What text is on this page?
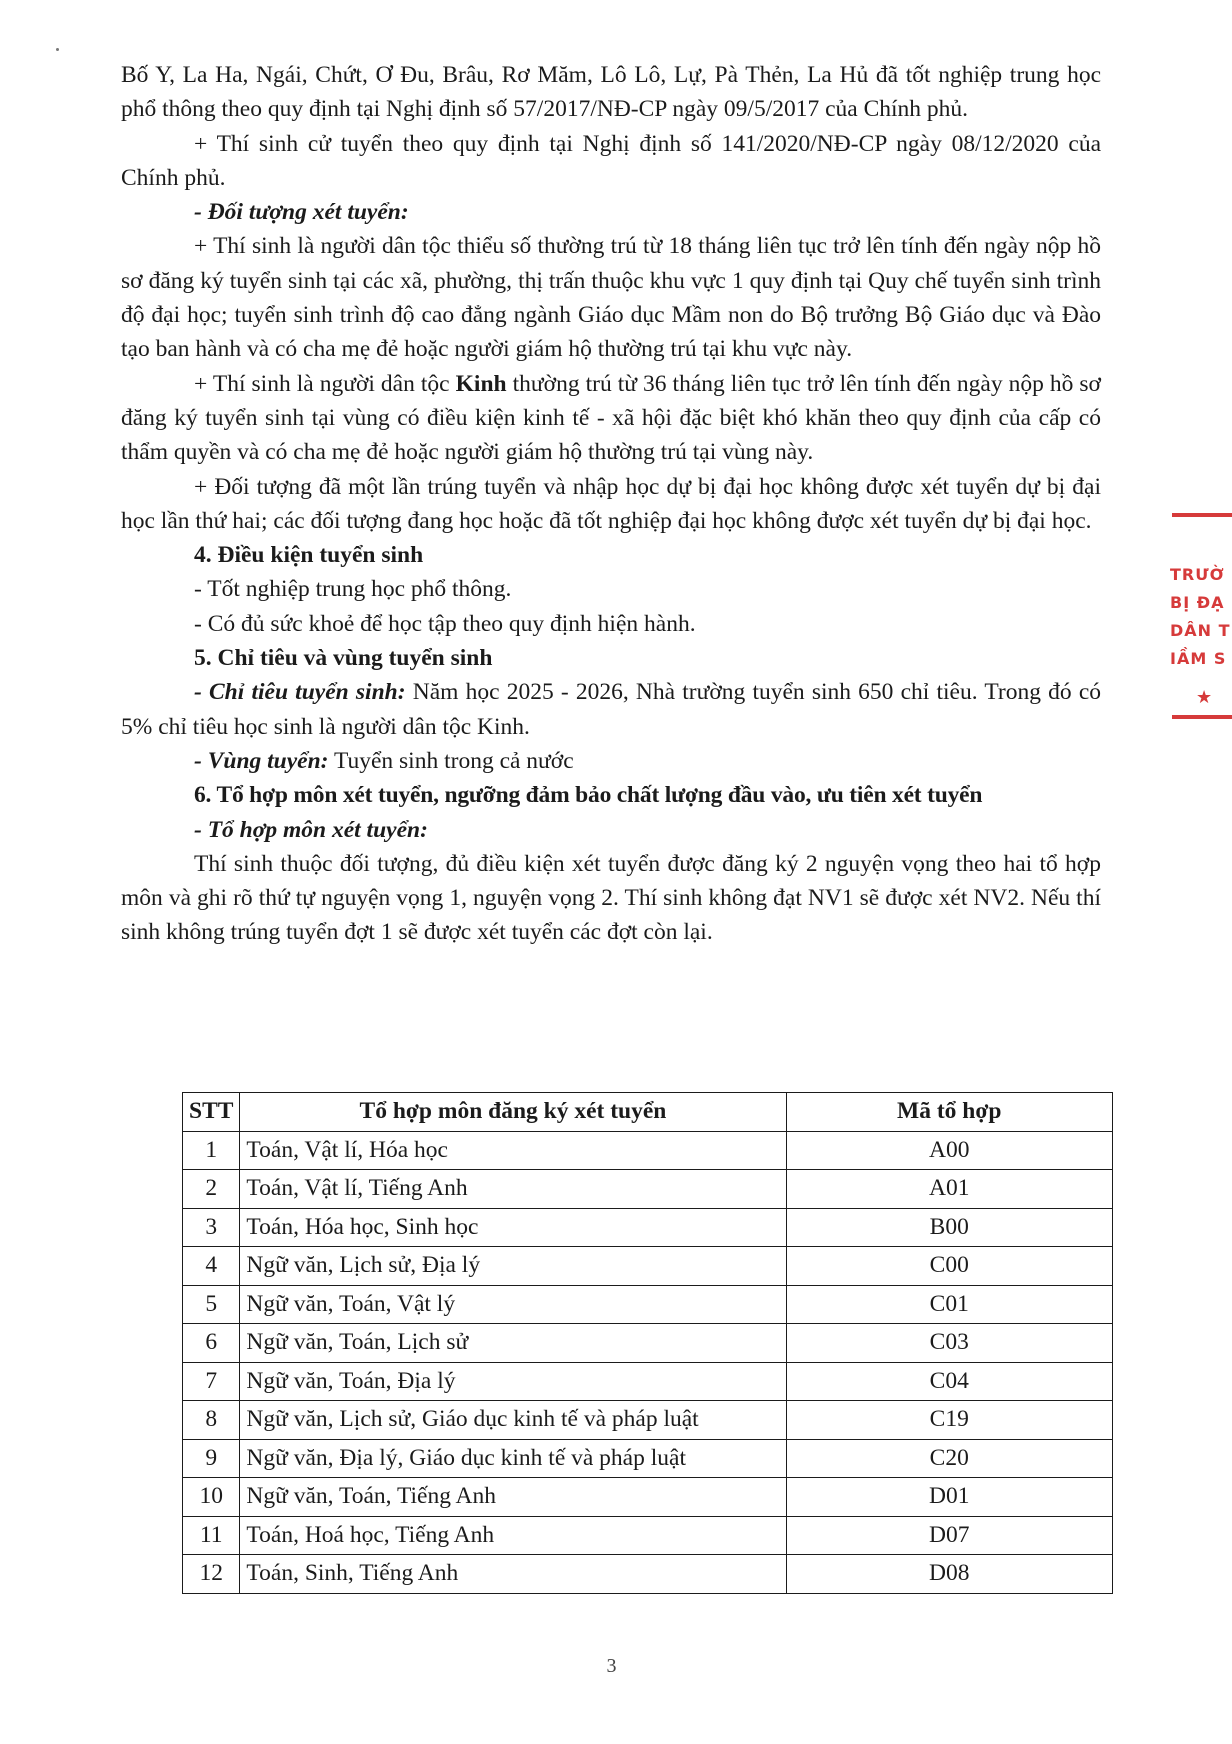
Bố Y, La Ha, Ngái, Chứt, Ơ Đu, Brâu, Rơ Măm, Lô Lô, Lự, Pà Thẻn, La Hủ đã tốt nghiệp trung học phổ thông theo quy định tại Nghị định số 57/2017/NĐ-CP ngày 09/5/2017 của Chính phủ.

+ Thí sinh cử tuyển theo quy định tại Nghị định số 141/2020/NĐ-CP ngày 08/12/2020 của Chính phủ.

- Đối tượng xét tuyển:

+ Thí sinh là người dân tộc thiểu số thường trú từ 18 tháng liên tục trở lên tính đến ngày nộp hồ sơ đăng ký tuyển sinh tại các xã, phường, thị trấn thuộc khu vực 1 quy định tại Quy chế tuyển sinh trình độ đại học; tuyển sinh trình độ cao đẳng ngành Giáo dục Mầm non do Bộ trưởng Bộ Giáo dục và Đào tạo ban hành và có cha mẹ đẻ hoặc người giám hộ thường trú tại khu vực này.

+ Thí sinh là người dân tộc Kinh thường trú từ 36 tháng liên tục trở lên tính đến ngày nộp hồ sơ đăng ký tuyển sinh tại vùng có điều kiện kinh tế - xã hội đặc biệt khó khăn theo quy định của cấp có thẩm quyền và có cha mẹ đẻ hoặc người giám hộ thường trú tại vùng này.

+ Đối tượng đã một lần trúng tuyển và nhập học dự bị đại học không được xét tuyển dự bị đại học lần thứ hai; các đối tượng đang học hoặc đã tốt nghiệp đại học không được xét tuyển dự bị đại học.

4. Điều kiện tuyển sinh

- Tốt nghiệp trung học phổ thông.

- Có đủ sức khoẻ để học tập theo quy định hiện hành.

5. Chỉ tiêu và vùng tuyển sinh

- Chỉ tiêu tuyển sinh: Năm học 2025 - 2026, Nhà trường tuyển sinh 650 chỉ tiêu. Trong đó có 5% chỉ tiêu học sinh là người dân tộc Kinh.

- Vùng tuyển: Tuyển sinh trong cả nước

6. Tổ hợp môn xét tuyển, ngưỡng đảm bảo chất lượng đầu vào, ưu tiên xét tuyển

- Tổ hợp môn xét tuyển:

Thí sinh thuộc đối tượng, đủ điều kiện xét tuyển được đăng ký 2 nguyện vọng theo hai tổ hợp môn và ghi rõ thứ tự nguyện vọng 1, nguyện vọng 2. Thí sinh không đạt NV1 sẽ được xét NV2. Nếu thí sinh không trúng tuyển đợt 1 sẽ được xét tuyển các đợt còn lại.

STT	Tổ hợp môn đăng ký xét tuyển	Mã tổ hợp
1	Toán, Vật lí, Hóa học	A00
2	Toán, Vật lí, Tiếng Anh	A01
3	Toán, Hóa học, Sinh học	B00
4	Ngữ văn, Lịch sử, Địa lý	C00
5	Ngữ văn, Toán, Vật lý	C01
6	Ngữ văn, Toán, Lịch sử	C03
7	Ngữ văn, Toán, Địa lý	C04
8	Ngữ văn, Lịch sử, Giáo dục kinh tế và pháp luật	C19
9	Ngữ văn, Địa lý, Giáo dục kinh tế và pháp luật	C20
10	Ngữ văn, Toán, Tiếng Anh	D01
11	Toán, Hoá học, Tiếng Anh	D07
12	Toán, Sinh, Tiếng Anh	D08
3
TRƯỜ
BỊ ĐẠ
DÂN T
IẦM S
★
